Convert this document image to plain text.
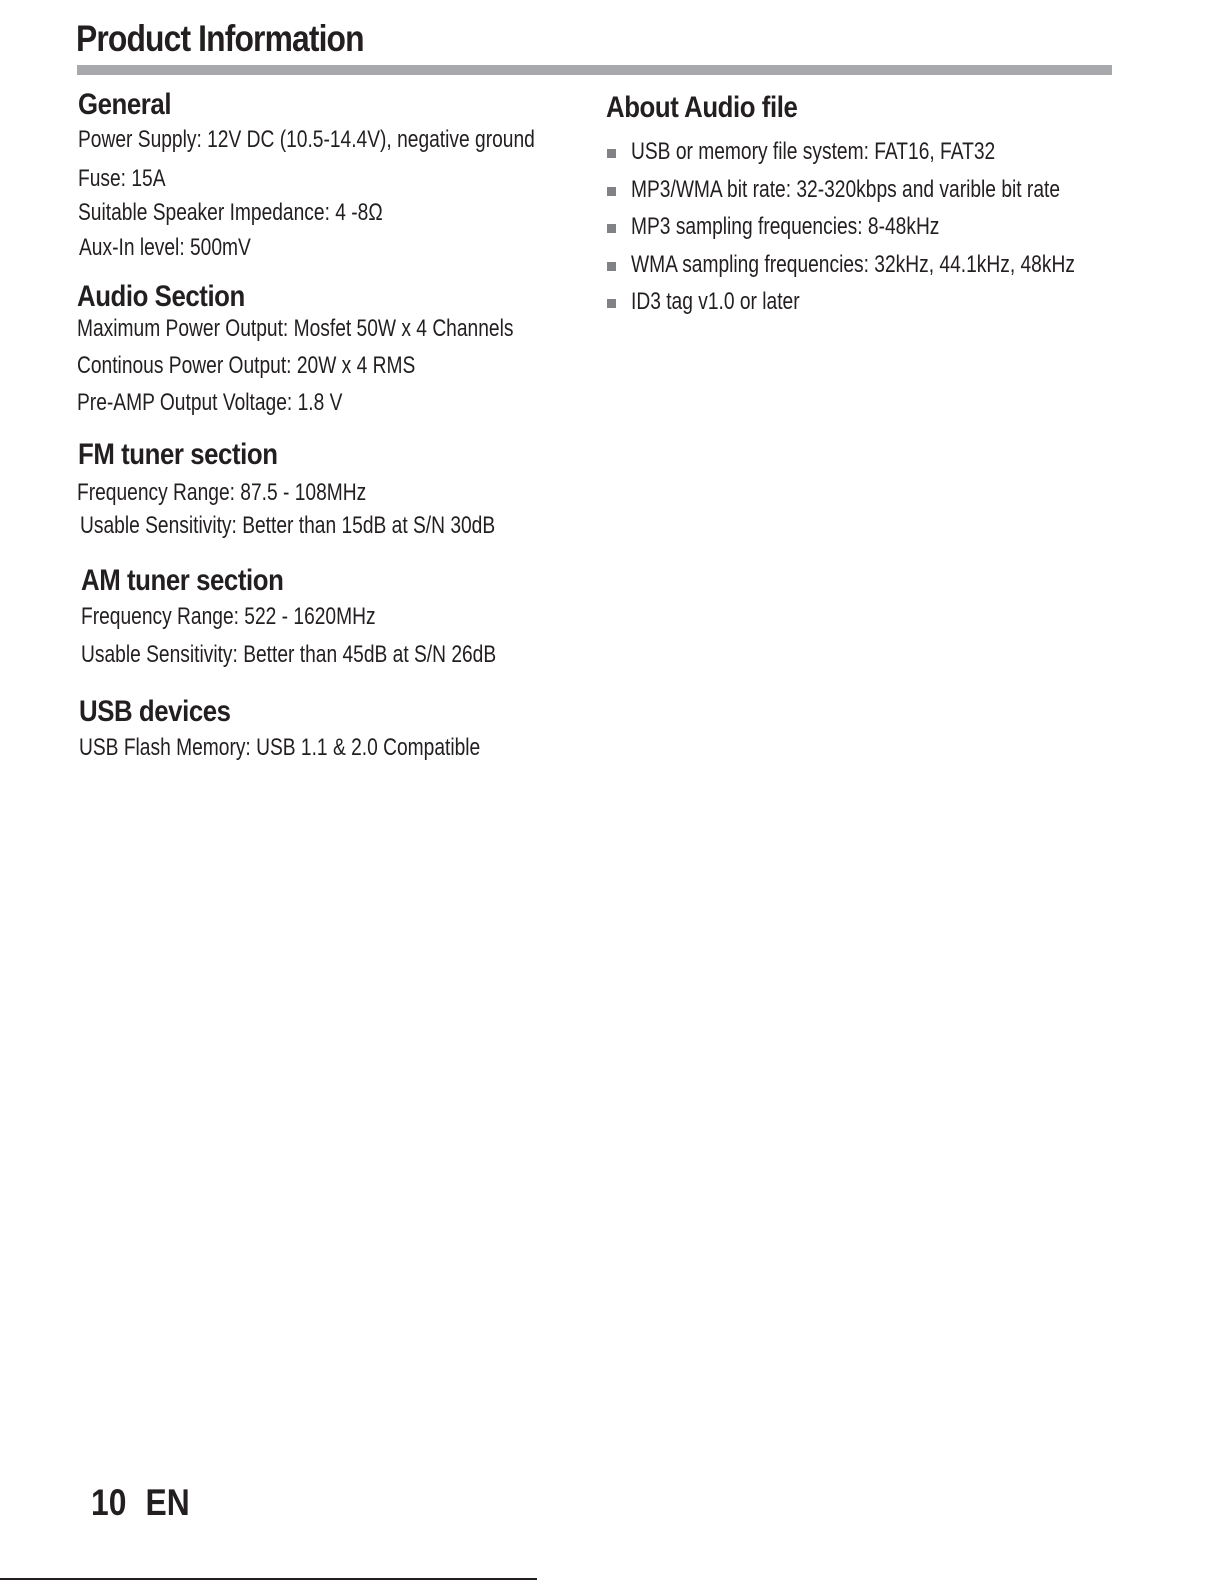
Product Information
General

Power Supply: 12V DC (10.5-14.4V), negative ground

Fuse: 15A

Suitable Speaker Impedance: 4 -8Ω

Aux-In level: 500mV

Audio Section

Maximum Power Output: Mosfet 50W x 4 Channels

Continous Power Output: 20W x 4 RMS

Pre-AMP Output Voltage: 1.8 V

FM tuner section

Frequency Range: 87.5 - 108MHz

Usable Sensitivity: Better than 15dB at S/N 30dB

AM tuner section

Frequency Range: 522 - 1620MHz

Usable Sensitivity: Better than 45dB at S/N 26dB

USB devices

USB Flash Memory: USB 1.1 & 2.0 Compatible

About Audio file
USB or memory file system: FAT16, FAT32
MP3/WMA bit rate: 32-320kbps and varible bit rate
MP3 sampling frequencies: 8-48kHz
WMA sampling frequencies: 32kHz, 44.1kHz, 48kHz
ID3 tag v1.0 or later
10 EN
